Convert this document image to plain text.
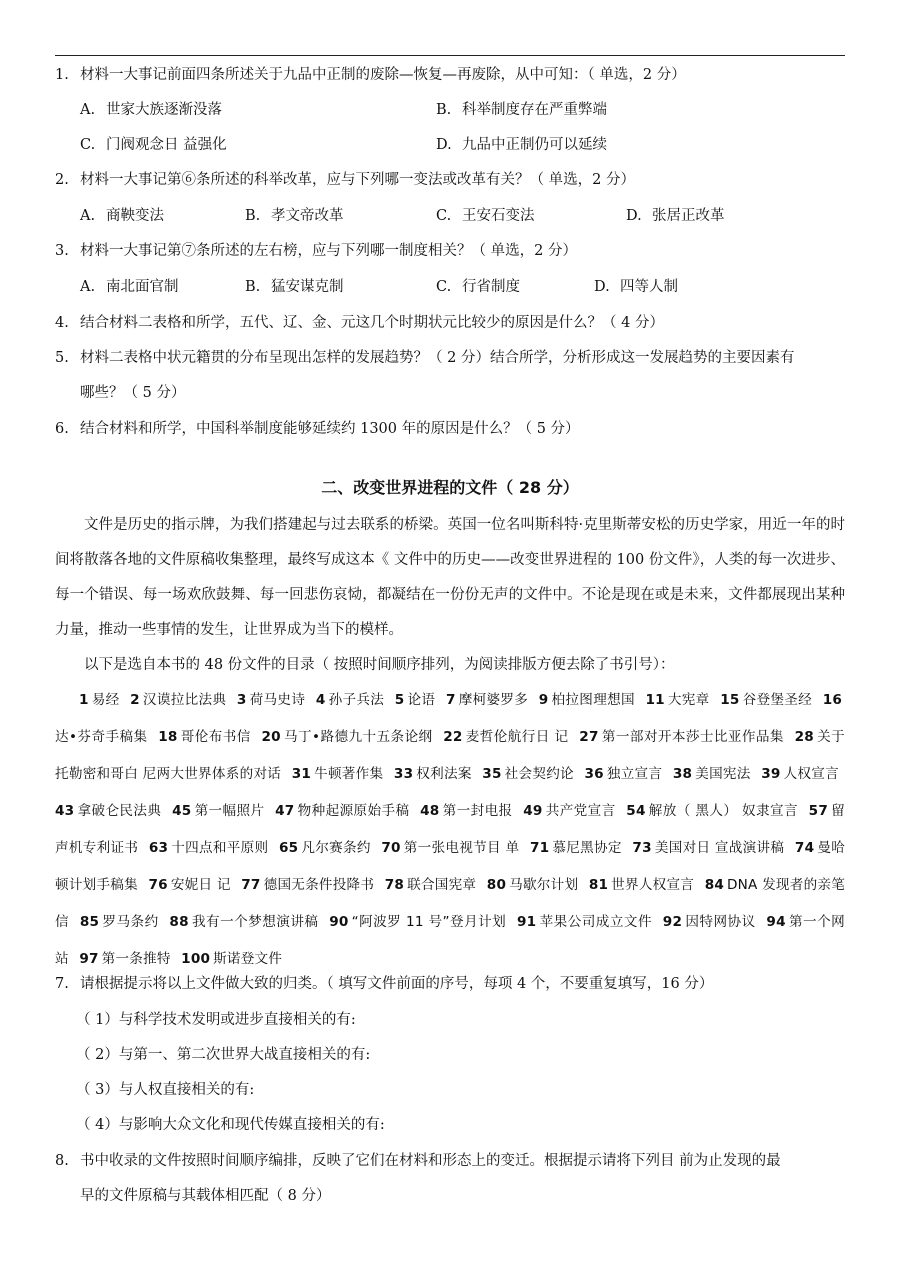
1. 材料一大事记前面四条所述关于九品中正制的废除—恢复—再废除，从中可知：（ 单选，2 分）
A. 世家大族逐渐没落	B. 科举制度存在严重弊端
C. 门阀观念日 益强化	D. 九品中正制仍可以延续
2. 材料一大事记第⑥条所述的科举改革，应与下列哪一变法或改革有关？（ 单选，2 分）
A. 商鞅变法	B. 孝文帝改革	C. 王安石变法	D. 张居正改革
3. 材料一大事记第⑦条所述的左右榜，应与下列哪一制度相关？（ 单选，2 分）
A. 南北面官制	B. 猛安谋克制	C. 行省制度	D. 四等人制
4. 结合材料二表格和所学，五代、辽、金、元这几个时期状元比较少的原因是什么？（ 4 分）
5. 材料二表格中状元籍贯的分布呈现出怎样的发展趋势？（ 2 分）结合所学，分析形成这一发展趋势的主要因素有
哪些？（ 5 分）
6. 结合材料和所学，中国科举制度能够延续约 1300 年的原因是什么？（ 5 分）
二、改变世界进程的文件（ 28 分）
文件是历史的指示牌，为我们搭建起与过去联系的桥梁。英国一位名叫斯科特·克里斯蒂安松的历史学家，用近一年的时间将散落各地的文件原稿收集整理，最终写成这本《 文件中的历史——改变世界进程的 100 份文件》，人类的每一次进步、每一个错误、每一场欢欣鼓舞、每一回悲伤哀恸，都凝结在一份份无声的文件中。不论是现在或是未来，文件都展现出某种力量，推动一些事情的发生，让世界成为当下的模样。
以下是选自本书的 48 份文件的目录（ 按照时间顺序排列，为阅读排版方便去除了书引号）：
1 易经 2 汉谟拉比法典 3 荷马史诗 4 孙子兵法 5 论语 7 摩柯婆罗多 9 柏拉图理想国 11 大宪章 15 谷登堡圣经 16达•芬奇手稿集 18 哥伦布书信 20 马丁•路德九十五条论纲 22 麦哲伦航行日 记 27 第一部对开本莎士比亚作品集 28 关于托勒密和哥白 尼两大世界体系的对话 31 牛顿著作集 33 权利法案 35 社会契约论 36 独立宣言 38 美国宪法 39 人权宣言 43 拿破仑民法典 45 第一幅照片 47 物种起源原始手稿 48 第一封电报 49 共产党宣言 54 解放（ 黑人） 奴隶宣言 57 留声机专利证书 63 十四点和平原则 65 凡尔赛条约 70 第一张电视节目 单 71 慕尼黑协定 73 美国对日 宣战演讲稿 74 曼哈顿计划手稿集 76 安妮日 记 77 德国无条件投降书 78 联合国宪章 80 马歇尔计划 81 世界人权宣言 84 DNA 发现者的亲笔信 85 罗马条约 88 我有一个梦想演讲稿 90 “阿波罗 11 号”登月计划 91 苹果公司成立文件 92 因特网协议 94 第一个网站 97 第一条推特 100 斯诺登文件
7. 请根据提示将以上文件做大致的归类。（ 填写文件前面的序号，每项 4 个，不要重复填写，16 分）
（ 1）与科学技术发明或进步直接相关的有:
（ 2）与第一、第二次世界大战直接相关的有:
（ 3）与人权直接相关的有:
（ 4）与影响大众文化和现代传媒直接相关的有:
8. 书中收录的文件按照时间顺序编排，反映了它们在材料和形态上的变迁。根据提示请将下列目 前为止发现的最
早的文件原稿与其载体相匹配（ 8 分）
